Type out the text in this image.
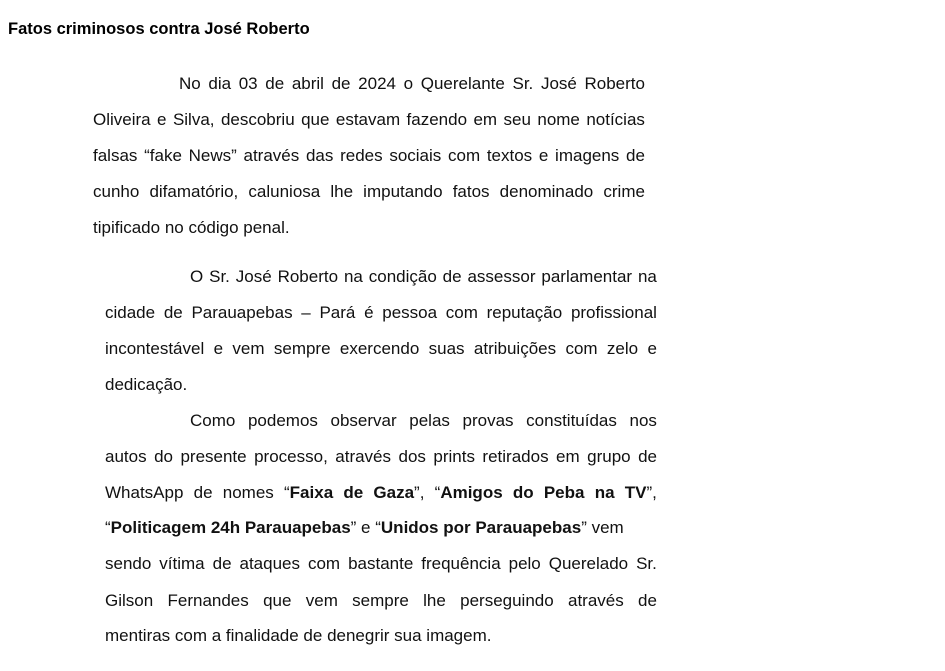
Fatos criminosos contra José Roberto
No dia 03 de abril de 2024 o Querelante Sr. José Roberto
Oliveira e Silva, descobriu que estavam fazendo em seu nome notícias
falsas “fake News” através das redes sociais com textos e imagens de
cunho difamatório, caluniosa lhe imputando fatos denominado crime
tipificado no código penal.
O Sr. José Roberto na condição de assessor parlamentar na
cidade de Parauapebas – Pará é pessoa com reputação profissional
incontestável e vem sempre exercendo suas atribuições com zelo e
dedicação.
Como podemos observar pelas provas constituídas nos
autos do presente processo, através dos prints retirados em grupo de
WhatsApp de nomes “Faixa de Gaza”, “Amigos do Peba na TV”,
“Politicagem 24h Parauapebas” e “Unidos por Parauapebas” vem
sendo vítima de ataques com bastante frequência pelo Querelado Sr.
Gilson Fernandes que vem sempre lhe perseguindo através de
mentiras com a finalidade de denegrir sua imagem.
